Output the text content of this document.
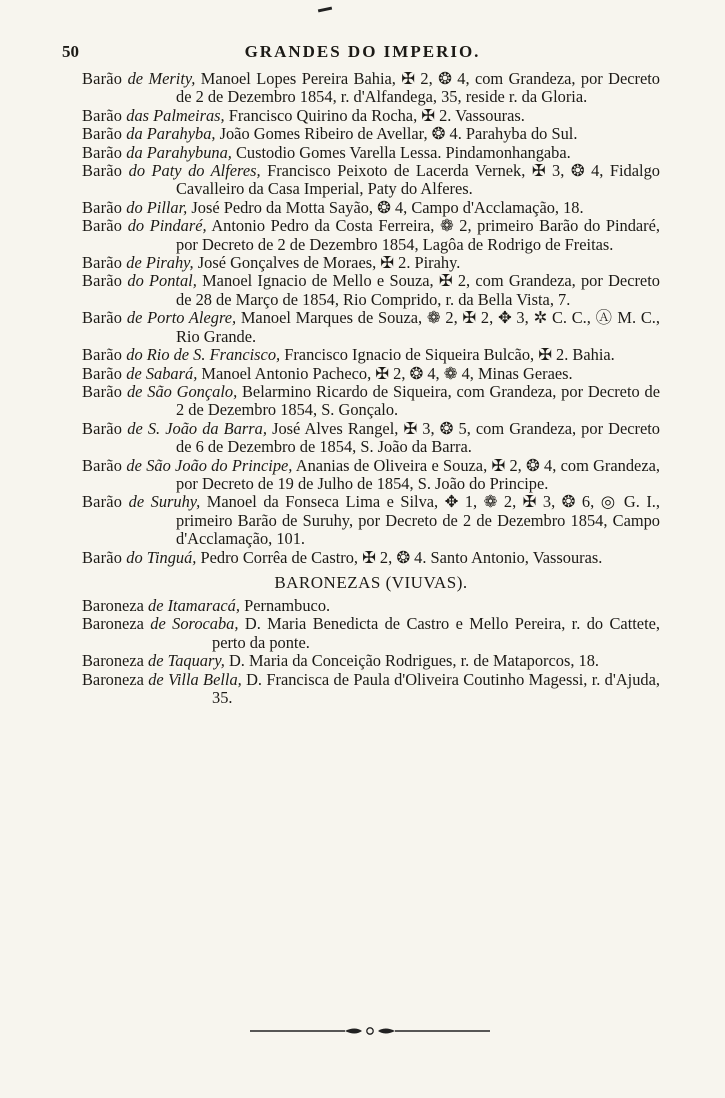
50	GRANDES DO IMPERIO.

Barão de Merity, Manoel Lopes Pereira Bahia, ✠ 2, ❂ 4, com Grandeza, por Decreto de 2 de Dezembro 1854, r. d'Alfandega, 35, reside r. da Gloria.

Barão das Palmeiras, Francisco Quirino da Rocha, ✠ 2. Vassouras.

Barão da Parahyba, João Gomes Ribeiro de Avellar, ❂ 4. Parahyba do Sul.

Barão da Parahybuna, Custodio Gomes Varella Lessa. Pindamonhangaba.

Barão do Paty do Alferes, Francisco Peixoto de Lacerda Vernek, ✠ 3, ❂ 4, Fidalgo Cavalleiro da Casa Imperial, Paty do Alferes.

Barão do Pillar, José Pedro da Motta Sayão, ❂ 4, Campo d'Acclamação, 18.

Barão do Pindaré, Antonio Pedro da Costa Ferreira, ❁ 2, primeiro Barão do Pindaré, por Decreto de 2 de Dezembro 1854, Lagôa de Rodrigo de Freitas.

Barão de Pirahy, José Gonçalves de Moraes, ✠ 2. Pirahy.

Barão do Pontal, Manoel Ignacio de Mello e Souza, ✠ 2, com Grandeza, por Decreto de 28 de Março de 1854, Rio Comprido, r. da Bella Vista, 7.

Barão de Porto Alegre, Manoel Marques de Souza, ❁ 2, ✠ 2, ✥ 3, ✲ C. C., Ⓐ M. C., Rio Grande.

Barão do Rio de S. Francisco, Francisco Ignacio de Siqueira Bulcão, ✠ 2. Bahia.

Barão de Sabará, Manoel Antonio Pacheco, ✠ 2, ❂ 4, ❁ 4, Minas Geraes.

Barão de São Gonçalo, Belarmino Ricardo de Siqueira, com Grandeza, por Decreto de 2 de Dezembro 1854, S. Gonçalo.

Barão de S. João da Barra, José Alves Rangel, ✠ 3, ❂ 5, com Grandeza, por Decreto de 6 de Dezembro de 1854, S. João da Barra.

Barão de São João do Principe, Ananias de Oliveira e Souza, ✠ 2, ❂ 4, com Grandeza, por Decreto de 19 de Julho de 1854, S. João do Principe.

Barão de Suruhy, Manoel da Fonseca Lima e Silva, ✥ 1, ❁ 2, ✠ 3, ❂ 6, ◎ G. I., primeiro Barão de Suruhy, por Decreto de 2 de Dezembro 1854, Campo d'Acclamação, 101.

Barão do Tinguá, Pedro Corrêa de Castro, ✠ 2, ❂ 4. Santo Antonio, Vassouras.

BARONEZAS (VIUVAS).

Baroneza de Itamaracá, Pernambuco.

Baroneza de Sorocaba, D. Maria Benedicta de Castro e Mello Pereira, r. do Cattete, perto da ponte.

Baroneza de Taquary, D. Maria da Conceição Rodrigues, r. de Mataporcos, 18.

Baroneza de Villa Bella, D. Francisca de Paula d'Oliveira Coutinho Magessi, r. d'Ajuda, 35.
